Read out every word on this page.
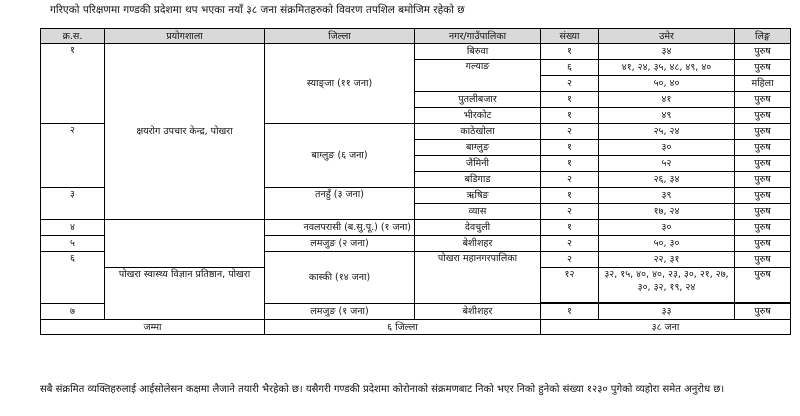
गरिएको परिक्षणमा गण्डकी प्रदेशमा थप भएका नयाँ ३८ जना संक्रमितहरुको विवरण तपशिल बमोजिम रहेको छ
क्र.स.	प्रयोगशाला	जिल्ला	नगर/गाउँपालिका	संख्या	उमेर	लिङ्ग
१	क्षयरोग उपचार केन्द्र, पोखरा	स्याङ्जा (११ जना)	बिरुवा	१	३४	पुरुष
			गल्याङ	६	४१, २४, ३५, ४८, ४९, ४०	पुरुष
				२	५०, ४०	महिला
			पुतलीबजार	१	४१	पुरुष
			भीरकोट	१	४९	पुरुष
२		बाग्लुङ (६ जना)	काठेखोला	२	२५, २४	पुरुष
			बाग्लुङ	१	३०	पुरुष
			जैमिनी	१	५२	पुरुष
			बडिगाड	२	२६, ३४	पुरुष
३		तनहुँ (३ जना)	ऋषिङ	१	३९	पुरुष
			व्यास	२	१७, २४	पुरुष
४		नवलपरासी (ब.सु.पू.) (१ जना)	देवचुली	१	३०	पुरुष
५		लमजुङ (२ जना)	बेशीशहर	२	५०, ३०	पुरुष
६		कास्की (१४ जना)	पोखरा महानगरपालिका	२	२२, ३१	पुरुष
	पोखरा स्वास्थ्य विज्ञान प्रतिष्ठान, पोखरा			१२	३२, १५, ४०, ४०, २३, ३०, २१, २७, ३०, ३२, १९, २४	पुरुष

७		लमजुङ (१ जना)	बेशीशहर	१	३३	पुरुष
जम्मा		६ जिल्ला		३८ जना		
सबै संक्रमित व्यक्तिहरुलाई आईसोलेसन कक्षमा लैजाने तयारी भैरहेको छ। यसैगरी गण्डकी प्रदेशमा कोरोनाको संक्रमणबाट निको भएर निको हुनेको संख्या १२३० पुगेको व्यहोरा समेत अनुरोध छ।
